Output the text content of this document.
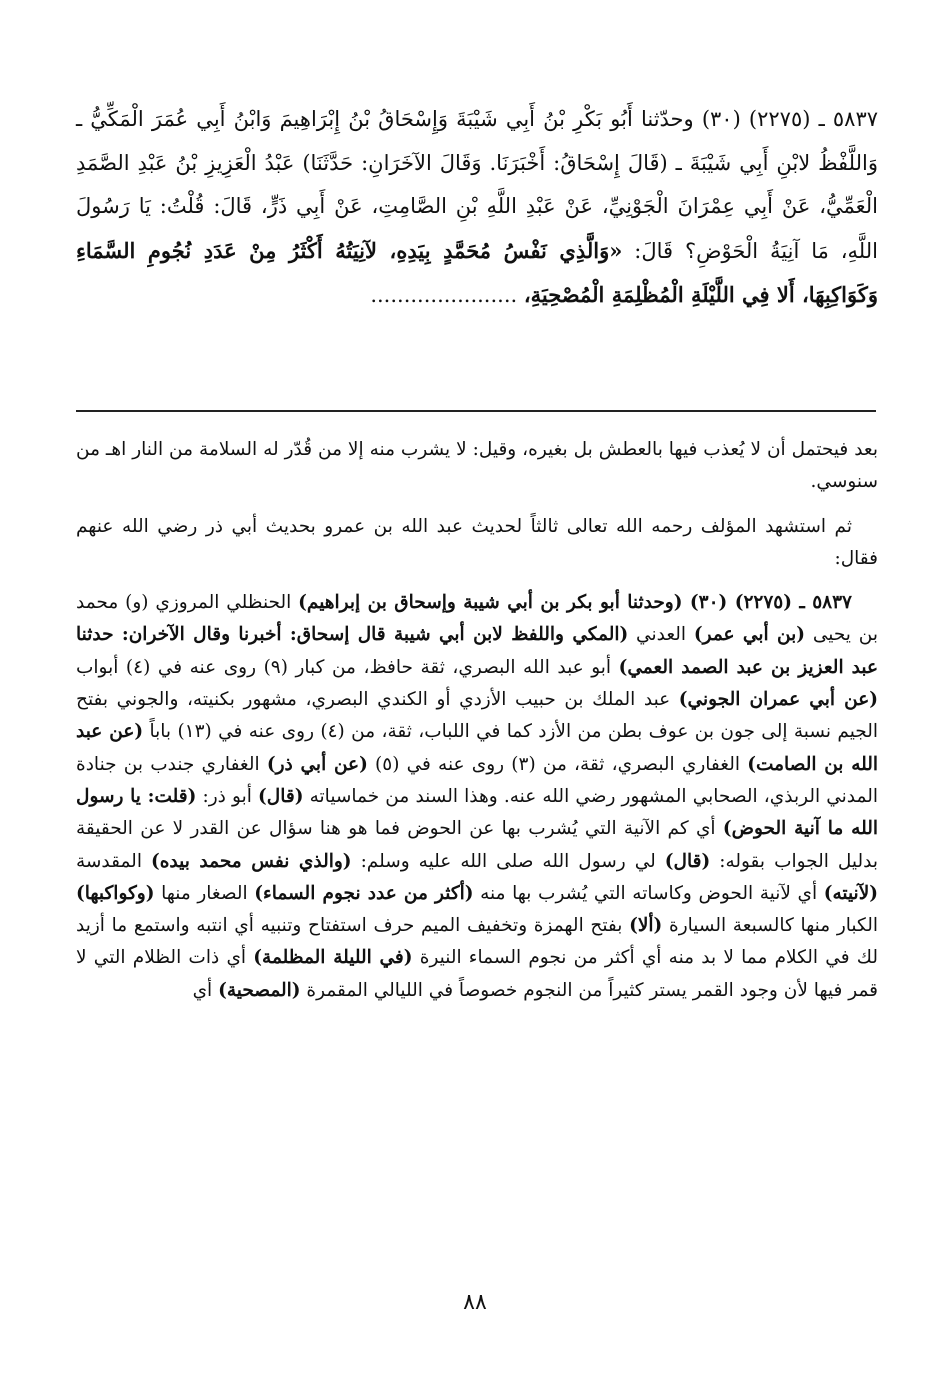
٥٨٣٧ ـ (٢٢٧٥) (٣٠) وحدّثنا أَبُو بَكْرِ بْنُ أَبِي شَيْبَةَ وَإِسْحَاقُ بْنُ إِبْرَاهِيمَ وَابْنُ أَبِي عُمَرَ الْمَكِّيُّ ـ وَاللَّفْظُ لابْنِ أَبِي شَيْبَةَ ـ (قَالَ إِسْحَاقُ: أَخْبَرَنَا. وَقَالَ الآخَرَانِ: حَدَّثَنَا) عَبْدُ الْعَزِيزِ بْنُ عَبْدِ الصَّمَدِ الْعَمِّيُّ، عَنْ أَبِي عِمْرَانَ الْجَوْنِيِّ، عَنْ عَبْدِ اللَّهِ بْنِ الصَّامِتِ، عَنْ أَبِي ذَرٍّ، قَالَ: قُلْتُ: يَا رَسُولَ اللَّهِ، مَا آنِيَةُ الْحَوْضِ؟ قَالَ: «وَالَّذِي نَفْسُ مُحَمَّدٍ بِيَدِهِ، لآنِيَتُهُ أَكْثَرُ مِنْ عَدَدِ نُجُومِ السَّمَاءِ وَكَوَاكِبِهَا، أَلا فِي اللَّيْلَةِ الْمُظْلِمَةِ الْمُصْحِيَةِ، ......................

بعد فيحتمل أن لا يُعذب فيها بالعطش بل بغيره، وقيل: لا يشرب منه إلا من قُدّر له السلامة من النار اهـ من سنوسي.

ثم استشهد المؤلف رحمه الله تعالى ثالثاً لحديث عبد الله بن عمرو بحديث أبي ذر رضي الله عنهم فقال:

٥٨٣٧ ـ (٢٢٧٥) (٣٠) (وحدثنا أبو بكر بن أبي شيبة وإسحاق بن إبراهيم) الحنظلي المروزي (و) محمد بن يحيى (بن أبي عمر) العدني (المكي واللفظ لابن أبي شيبة قال إسحاق: أخبرنا وقال الآخران: حدثنا عبد العزيز بن عبد الصمد العمي) أبو عبد الله البصري، ثقة حافظ، من كبار (٩) روى عنه في (٤) أبواب (عن أبي عمران الجوني) عبد الملك بن حبيب الأزدي أو الكندي البصري، مشهور بكنيته، والجوني بفتح الجيم نسبة إلى جون بن عوف بطن من الأزد كما في اللباب، ثقة، من (٤) روى عنه في (١٣) باباً (عن عبد الله بن الصامت) الغفاري البصري، ثقة، من (٣) روى عنه في (٥) (عن أبي ذر) الغفاري جندب بن جنادة المدني الربذي، الصحابي المشهور رضي الله عنه. وهذا السند من خماسياته (قال) أبو ذر: (قلت: يا رسول الله ما آنية الحوض) أي كم الآنية التي يُشرب بها عن الحوض فما هو هنا سؤال عن القدر لا عن الحقيقة بدليل الجواب بقوله: (قال) لي رسول الله صلى الله عليه وسلم: (والذي نفس محمد بيده) المقدسة (لآنيته) أي لآنية الحوض وكاساته التي يُشرب بها منه (أكثر من عدد نجوم السماء) الصغار منها (وكواكبها) الكبار منها كالسبعة السيارة (ألا) بفتح الهمزة وتخفيف الميم حرف استفتاح وتنبيه أي انتبه واستمع ما أزيد لك في الكلام مما لا بد منه أي أكثر من نجوم السماء النيرة (في الليلة المظلمة) أي ذات الظلام التي لا قمر فيها لأن وجود القمر يستر كثيراً من النجوم خصوصاً في الليالي المقمرة (المصحية) أي

٨٨
